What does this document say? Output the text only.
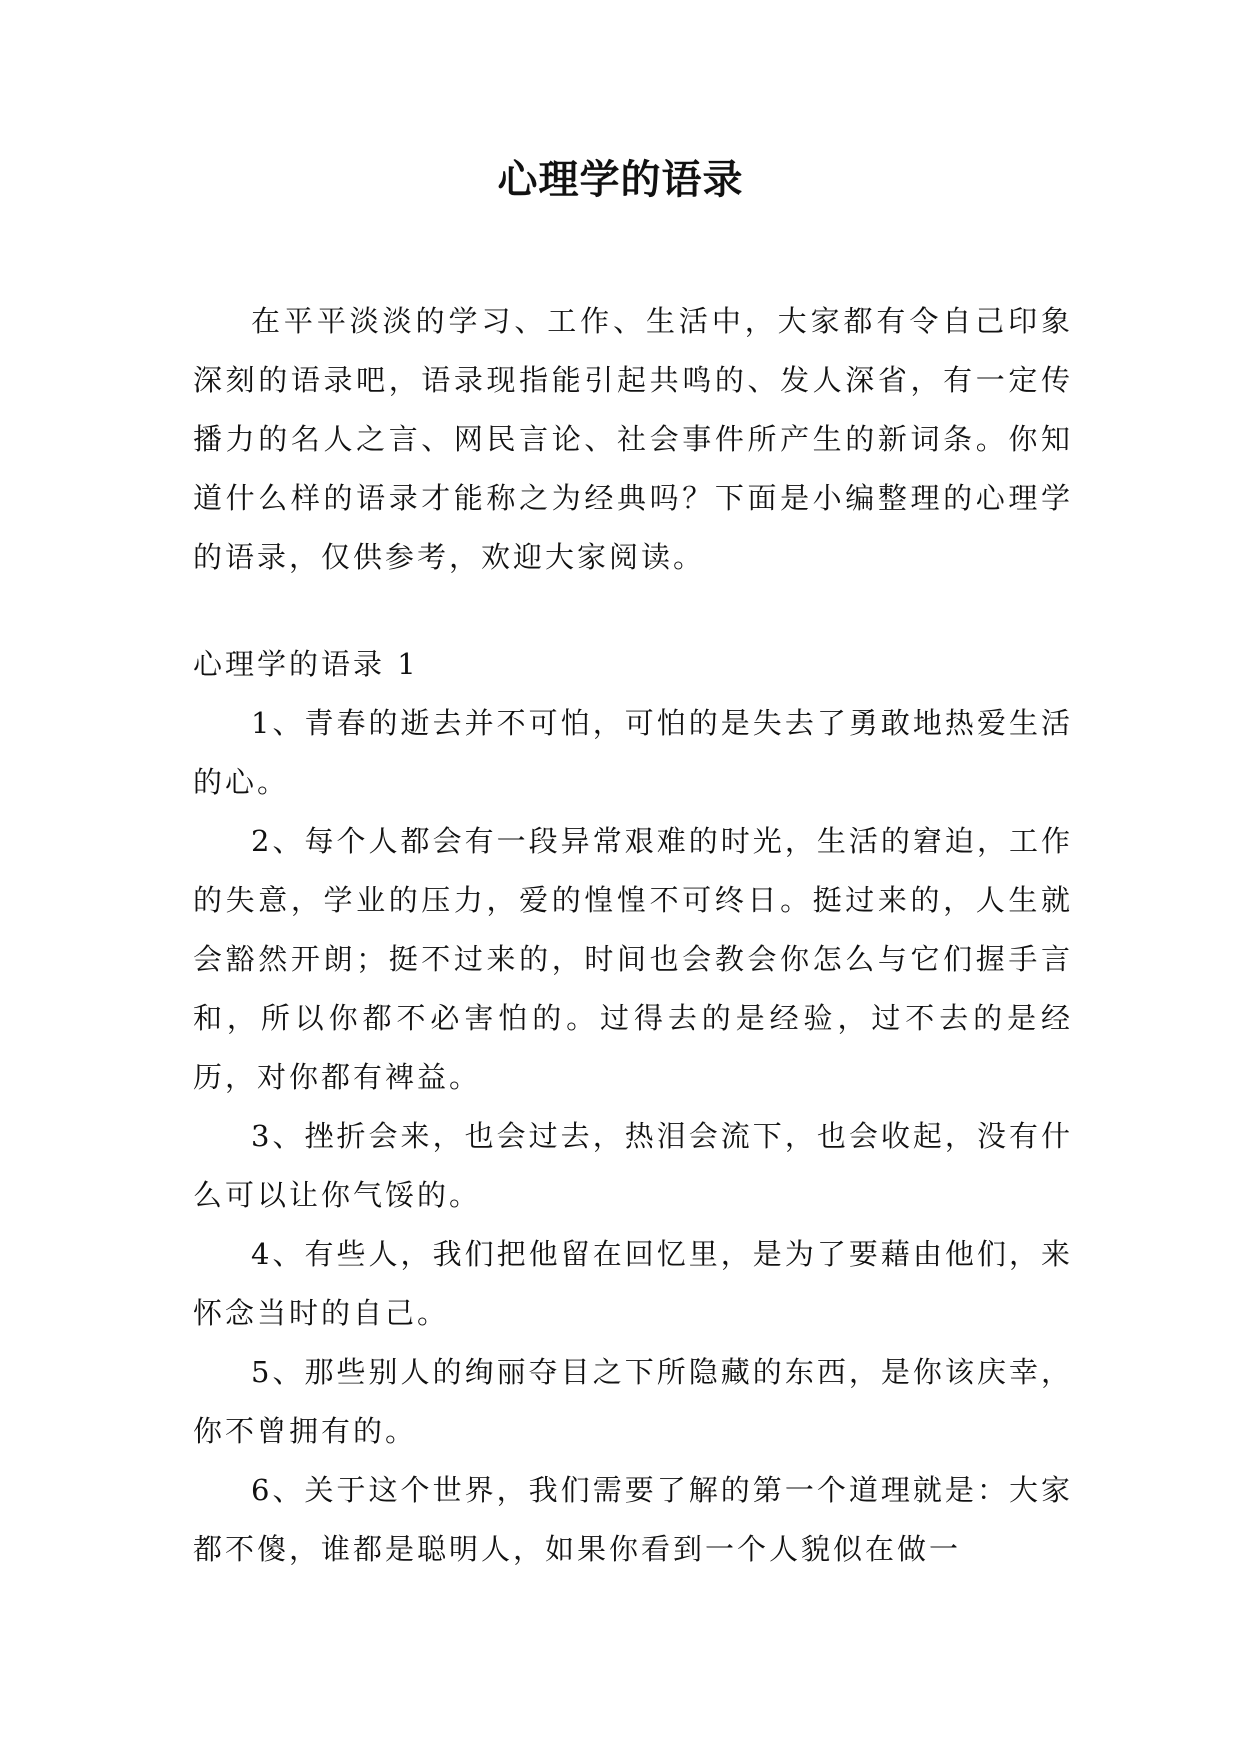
心理学的语录

在平平淡淡的学习、工作、生活中，大家都有令自己印象深刻的语录吧，语录现指能引起共鸣的、发人深省，有一定传播力的名人之言、网民言论、社会事件所产生的新词条。你知道什么样的语录才能称之为经典吗？下面是小编整理的心理学的语录，仅供参考，欢迎大家阅读。

心理学的语录 1

1、青春的逝去并不可怕，可怕的是失去了勇敢地热爱生活的心。

2、每个人都会有一段异常艰难的时光，生活的窘迫，工作的失意，学业的压力，爱的惶惶不可终日。挺过来的，人生就会豁然开朗；挺不过来的，时间也会教会你怎么与它们握手言和，所以你都不必害怕的。过得去的是经验，过不去的是经历，对你都有裨益。

3、挫折会来，也会过去，热泪会流下，也会收起，没有什么可以让你气馁的。

4、有些人，我们把他留在回忆里，是为了要藉由他们，来怀念当时的自己。

5、那些别人的绚丽夺目之下所隐藏的东西，是你该庆幸，你不曾拥有的。

6、关于这个世界，我们需要了解的第一个道理就是：大家都不傻，谁都是聪明人，如果你看到一个人貌似在做一
